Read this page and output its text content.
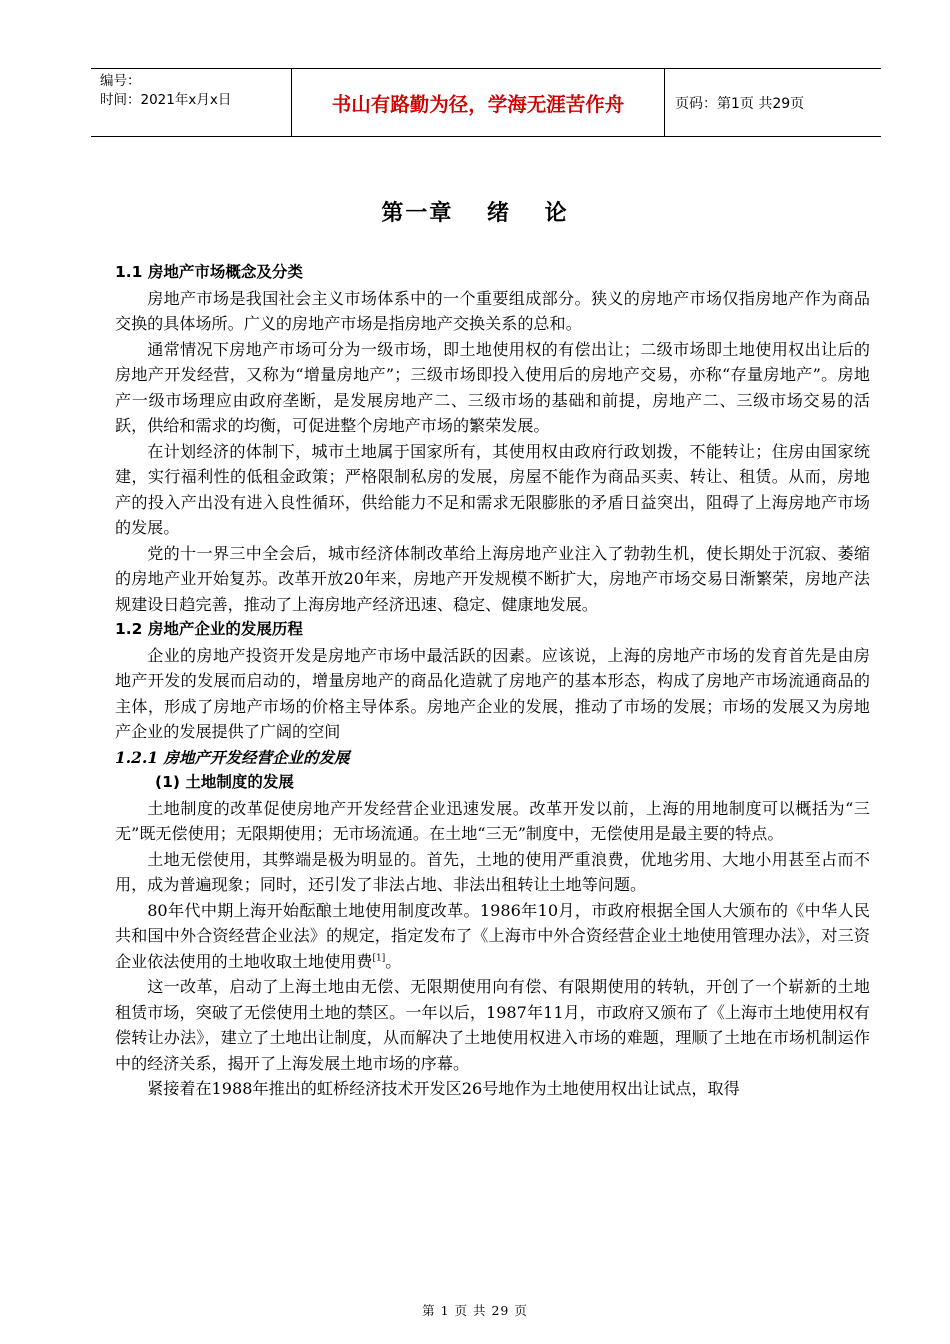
编号：
时间：2021年x月x日	书山有路勤为径，学海无涯苦作舟	页码：第1页 共29页
第一章 绪 论

1.1 房地产市场概念及分类

房地产市场是我国社会主义市场体系中的一个重要组成部分。狭义的房地产市场仅指房地产作为商品交换的具体场所。广义的房地产市场是指房地产交换关系的总和。

通常情况下房地产市场可分为一级市场，即土地使用权的有偿出让；二级市场即土地使用权出让后的房地产开发经营，又称为“增量房地产”；三级市场即投入使用后的房地产交易，亦称“存量房地产”。房地产一级市场理应由政府垄断，是发展房地产二、三级市场的基础和前提，房地产二、三级市场交易的活跃，供给和需求的均衡，可促进整个房地产市场的繁荣发展。

在计划经济的体制下，城市土地属于国家所有，其使用权由政府行政划拨，不能转让；住房由国家统建，实行福利性的低租金政策；严格限制私房的发展，房屋不能作为商品买卖、转让、租赁。从而，房地产的投入产出没有进入良性循环，供给能力不足和需求无限膨胀的矛盾日益突出，阻碍了上海房地产市场的发展。

党的十一界三中全会后，城市经济体制改革给上海房地产业注入了勃勃生机，使长期处于沉寂、萎缩的房地产业开始复苏。改革开放20年来，房地产开发规模不断扩大，房地产市场交易日渐繁荣，房地产法规建设日趋完善，推动了上海房地产经济迅速、稳定、健康地发展。

1.2 房地产企业的发展历程

企业的房地产投资开发是房地产市场中最活跃的因素。应该说，上海的房地产市场的发育首先是由房地产开发的发展而启动的，增量房地产的商品化造就了房地产的基本形态，构成了房地产市场流通商品的主体，形成了房地产市场的价格主导体系。房地产企业的发展，推动了市场的发展；市场的发展又为房地产企业的发展提供了广阔的空间

1.2.1 房地产开发经营企业的发展

(1) 土地制度的发展

土地制度的改革促使房地产开发经营企业迅速发展。改革开发以前，上海的用地制度可以概括为“三无”既无偿使用；无限期使用；无市场流通。在土地“三无”制度中，无偿使用是最主要的特点。

土地无偿使用，其弊端是极为明显的。首先，土地的使用严重浪费，优地劣用、大地小用甚至占而不用，成为普遍现象；同时，还引发了非法占地、非法出租转让土地等问题。

80年代中期上海开始酝酿土地使用制度改革。1986年10月，市政府根据全国人大颁布的《中华人民共和国中外合资经营企业法》的规定，指定发布了《上海市中外合资经营企业土地使用管理办法》，对三资企业依法使用的土地收取土地使用费[1]。

这一改革，启动了上海土地由无偿、无限期使用向有偿、有限期使用的转轨，开创了一个崭新的土地租赁市场，突破了无偿使用土地的禁区。一年以后，1987年11月，市政府又颁布了《上海市土地使用权有偿转让办法》，建立了土地出让制度，从而解决了土地使用权进入市场的难题，理顺了土地在市场机制运作中的经济关系，揭开了上海发展土地市场的序幕。

紧接着在1988年推出的虹桥经济技术开发区26号地作为土地使用权出让试点，取得

第 1 页 共 29 页
